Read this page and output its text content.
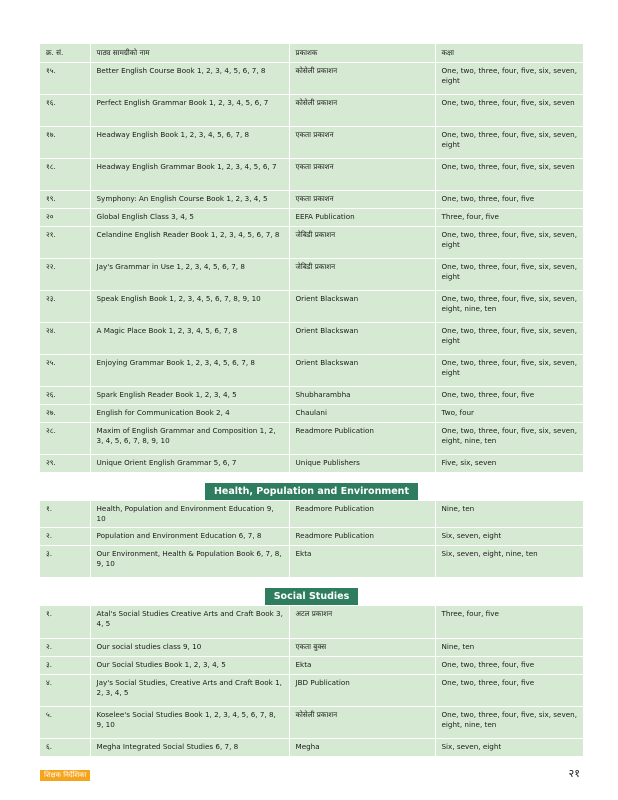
क्र. सं.	पाठ्य सामग्रीको नाम	प्रकाशक	कक्षा
१५.	Better English Course Book 1, 2, 3, 4, 5, 6, 7, 8	कोसेली प्रकाशन	One, two, three, four, five, six, seven, eight
१६.	Perfect English Grammar Book 1, 2, 3, 4, 5, 6, 7	कोसेली प्रकाशन	One, two, three, four, five, six, seven
१७.	Headway English Book 1, 2, 3, 4, 5, 6, 7, 8	एकता प्रकाशन	One, two, three, four, five, six, seven, eight
१८.	Headway English Grammar Book 1, 2, 3, 4, 5, 6, 7	एकता प्रकाशन	One, two, three, four, five, six, seven
१९.	Symphony: An English Course Book 1, 2, 3, 4, 5	एकता प्रकाशन	One, two, three, four, five
२०	Global English Class 3, 4, 5	EEFA Publication	Three, four, five
२१.	Celandine English Reader Book 1, 2, 3, 4, 5, 6, 7, 8	जेबिडी प्रकाशन	One, two, three, four, five, six, seven, eight
२२.	Jay's Grammar in Use 1, 2, 3, 4, 5, 6, 7, 8	जेबिडी प्रकाशन	One, two, three, four, five, six, seven, eight
२३.	Speak English Book 1, 2, 3, 4, 5, 6, 7, 8, 9, 10	Orient Blackswan	One, two, three, four, five, six, seven, eight, nine, ten
२४.	A Magic Place Book 1, 2, 3, 4, 5, 6, 7, 8	Orient Blackswan	One, two, three, four, five, six, seven, eight
२५.	Enjoying Grammar Book 1, 2, 3, 4, 5, 6, 7, 8	Orient Blackswan	One, two, three, four, five, six, seven, eight
२६.	Spark English Reader Book 1, 2, 3, 4, 5	Shubharambha	One, two, three, four, five
२७.	English for Communication Book 2, 4	Chaulani	Two, four
२८.	Maxim of English Grammar and Composition 1, 2, 3, 4, 5, 6, 7, 8, 9, 10	Readmore Publication	One, two, three, four, five, six, seven, eight, nine, ten
२९.	Unique Orient English Grammar 5, 6, 7	Unique Publishers	Five, six, seven
Health, Population and Environment
१.	Health, Population and Environment Education 9, 10	Readmore Publication	Nine, ten
२.	Population and Environment Education 6, 7, 8	Readmore Publication	Six, seven, eight
३.	Our Environment, Health & Population Book 6, 7, 8, 9, 10	Ekta	Six, seven, eight, nine, ten
Social Studies
१.	Atal's Social Studies Creative Arts and Craft Book 3, 4, 5	अटल प्रकाशन	Three, four, five
२.	Our social studies class 9, 10	एकता बुक्स	Nine, ten
३.	Our Social Studies Book 1, 2, 3, 4, 5	Ekta	One, two, three, four, five
४.	Jay's Social Studies, Creative Arts and Craft Book 1, 2, 3, 4, 5	JBD Publication	One, two, three, four, five
५.	Koselee's Social Studies Book 1, 2, 3, 4, 5, 6, 7, 8, 9, 10	कोसेली प्रकाशन	One, two, three, four, five, six, seven, eight, nine, ten
६.	Megha Integrated Social Studies 6, 7, 8	Megha	Six, seven, eight
शिक्षक निर्देशिका	२१
